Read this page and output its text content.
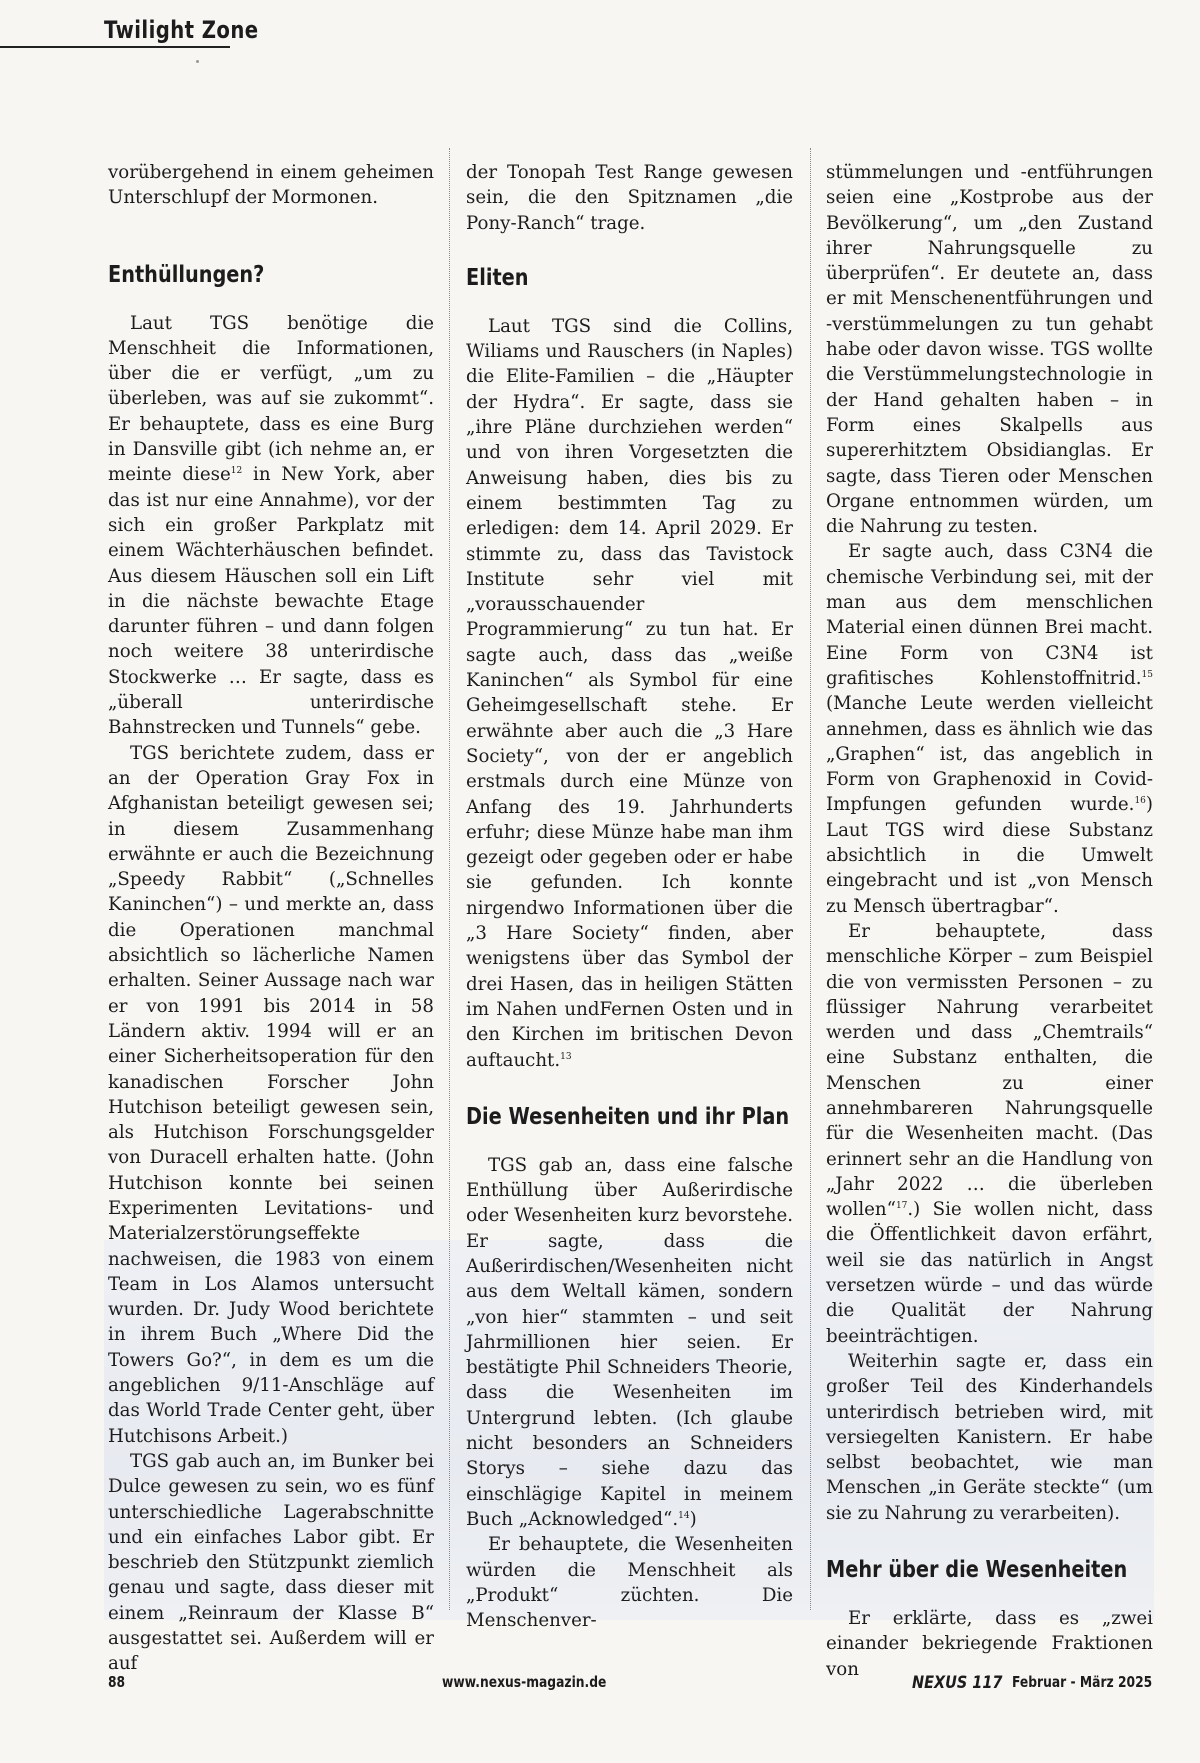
Twilight Zone

vorübergehend in einem geheimen Unterschlupf der Mormonen.

Enthüllungen?

Laut TGS benötige die Menschheit die Informationen, über die er verfügt, „um zu überleben, was auf sie zukommt“. Er behauptete, dass es eine Burg in Dansville gibt (ich nehme an, er meinte diese$^{12}$ in New York, aber das ist nur eine Annahme), vor der sich ein großer Parkplatz mit einem Wächterhäuschen befindet. Aus diesem Häuschen soll ein Lift in die nächste bewachte Etage darunter führen – und dann folgen noch weitere 38 unterirdische Stockwerke … Er sagte, dass es „überall unterirdische Bahnstrecken und Tunnels“ gebe.

TGS berichtete zudem, dass er an der Operation Gray Fox in Afghanistan beteiligt gewesen sei; in diesem Zusammenhang erwähnte er auch die Bezeichnung „Speedy Rabbit“ („Schnelles Kaninchen“) – und merkte an, dass die Operationen manchmal absichtlich so lächerliche Namen erhalten. Seiner Aussage nach war er von 1991 bis 2014 in 58 Ländern aktiv. 1994 will er an einer Sicherheitsoperation für den kanadischen Forscher John Hutchison beteiligt gewesen sein, als Hutchison Forschungsgelder von Duracell erhalten hatte. (John Hutchison konnte bei seinen Experimenten Levitations- und Materialzerstörungseffekte nachweisen, die 1983 von einem Team in Los Alamos untersucht wurden. Dr. Judy Wood berichtete in ihrem Buch „Where Did the Towers Go?“, in dem es um die angeblichen 9/11-Anschläge auf das World Trade Center geht, über Hutchisons Arbeit.)

TGS gab auch an, im Bunker bei Dulce gewesen zu sein, wo es fünf unterschiedliche Lagerabschnitte und ein einfaches Labor gibt. Er beschrieb den Stützpunkt ziemlich genau und sagte, dass dieser mit einem „Reinraum der Klasse B“ ausgestattet sei. Außerdem will er auf

der Tonopah Test Range gewesen sein, die den Spitznamen „die Pony-Ranch“ trage.

Eliten

Laut TGS sind die Collins, Wiliams und Rauschers (in Naples) die Elite-Familien – die „Häupter der Hydra“. Er sagte, dass sie „ihre Pläne durchziehen werden“ und von ihren Vorgesetzten die Anweisung haben, dies bis zu einem bestimmten Tag zu erledigen: dem 14. April 2029. Er stimmte zu, dass das Tavistock Institute sehr viel mit „vorausschauender Programmierung“ zu tun hat. Er sagte auch, dass das „weiße Kaninchen“ als Symbol für eine Geheimgesellschaft stehe. Er erwähnte aber auch die „3 Hare Society“, von der er angeblich erstmals durch eine Münze von Anfang des 19. Jahrhunderts erfuhr; diese Münze habe man ihm gezeigt oder gegeben oder er habe sie gefunden. Ich konnte nirgendwo Informationen über die „3 Hare Society“ finden, aber wenigstens über das Symbol der drei Hasen, das in heiligen Stätten im Nahen undFernen Osten und in den Kirchen im britischen Devon auftaucht.$^{13}$

Die Wesenheiten und ihr Plan

TGS gab an, dass eine falsche Enthüllung über Außerirdische oder Wesenheiten kurz bevorstehe. Er sagte, dass die Außerirdischen/Wesenheiten nicht aus dem Weltall kämen, sondern „von hier“ stammten – und seit Jahrmillionen hier seien. Er bestätigte Phil Schneiders Theorie, dass die Wesenheiten im Untergrund lebten. (Ich glaube nicht besonders an Schneiders Storys – siehe dazu das einschlägige Kapitel in meinem Buch „Acknowledged“.$^{14}$)

Er behauptete, die Wesenheiten würden die Menschheit als „Produkt“ züchten. Die Menschenver-

stümmelungen und -entführungen seien eine „Kostprobe aus der Bevölkerung“, um „den Zustand ihrer Nahrungsquelle zu überprüfen“. Er deutete an, dass er mit Menschenentführungen und -verstümmelungen zu tun gehabt habe oder davon wisse. TGS wollte die Verstümmelungstechnologie in der Hand gehalten haben – in Form eines Skalpells aus supererhitztem Obsidianglas. Er sagte, dass Tieren oder Menschen Organe entnommen würden, um die Nahrung zu testen.

Er sagte auch, dass C3N4 die chemische Verbindung sei, mit der man aus dem menschlichen Material einen dünnen Brei macht. Eine Form von C3N4 ist grafitisches Kohlenstoffnitrid.$^{15}$ (Manche Leute werden vielleicht annehmen, dass es ähnlich wie das „Graphen“ ist, das angeblich in Form von Graphenoxid in Covid-Impfungen gefunden wurde.$^{16}$) Laut TGS wird diese Substanz absichtlich in die Umwelt eingebracht und ist „von Mensch zu Mensch übertragbar“.

Er behauptete, dass menschliche Körper – zum Beispiel die von vermissten Personen – zu flüssiger Nahrung verarbeitet werden und dass „Chemtrails“ eine Substanz enthalten, die Menschen zu einer annehmbareren Nahrungsquelle für die Wesenheiten macht. (Das erinnert sehr an die Handlung von „Jahr 2022 … die überleben wollen“$^{17}$.) Sie wollen nicht, dass die Öffentlichkeit davon erfährt, weil sie das natürlich in Angst versetzen würde – und das würde die Qualität der Nahrung beeinträchtigen.

Weiterhin sagte er, dass ein großer Teil des Kinderhandels unterirdisch betrieben wird, mit versiegelten Kanistern. Er habe selbst beobachtet, wie man Menschen „in Geräte steckte“ (um sie zu Nahrung zu verarbeiten).

Mehr über die Wesenheiten

Er erklärte, dass es „zwei einander bekriegende Fraktionen von

88	www.nexus-magazin.de	NEXUS 117 Februar - März 2025
